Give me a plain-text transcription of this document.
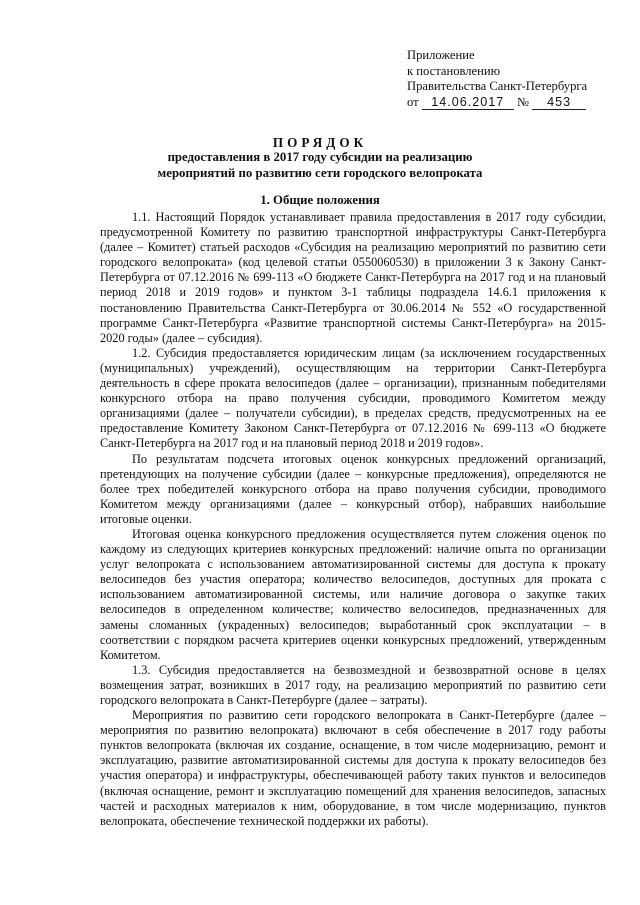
Приложение
к постановлению
Правительства Санкт-Петербурга
от 14.06.2017 № 453
ПОРЯДОК
предоставления в 2017 году субсидии на реализацию мероприятий по развитию сети городского велопроката
1. Общие положения

1.1. Настоящий Порядок устанавливает правила предоставления в 2017 году субсидии, предусмотренной Комитету по развитию транспортной инфраструктуры Санкт-Петербурга (далее – Комитет) статьей расходов «Субсидия на реализацию мероприятий по развитию сети городского велопроката» (код целевой статьи 0550060530) в приложении 3 к Закону Санкт-Петербурга от 07.12.2016 № 699-113 «О бюджете Санкт-Петербурга на 2017 год и на плановый период 2018 и 2019 годов» и пунктом 3-1 таблицы подраздела 14.6.1 приложения к постановлению Правительства Санкт-Петербурга от 30.06.2014 № 552 «О государственной программе Санкт-Петербурга «Развитие транспортной системы Санкт-Петербурга» на 2015-2020 годы» (далее – субсидия).

1.2. Субсидия предоставляется юридическим лицам (за исключением государственных (муниципальных) учреждений), осуществляющим на территории Санкт-Петербурга деятельность в сфере проката велосипедов (далее – организации), признанным победителями конкурсного отбора на право получения субсидии, проводимого Комитетом между организациями (далее – получатели субсидии), в пределах средств, предусмотренных на ее предоставление Комитету Законом Санкт-Петербурга от 07.12.2016 № 699-113 «О бюджете Санкт-Петербурга на 2017 год и на плановый период 2018 и 2019 годов».

По результатам подсчета итоговых оценок конкурсных предложений организаций, претендующих на получение субсидии (далее – конкурсные предложения), определяются не более трех победителей конкурсного отбора на право получения субсидии, проводимого Комитетом между организациями (далее – конкурсный отбор), набравших наибольшие итоговые оценки.

Итоговая оценка конкурсного предложения осуществляется путем сложения оценок по каждому из следующих критериев конкурсных предложений: наличие опыта по организации услуг велопроката с использованием автоматизированной системы для доступа к прокату велосипедов без участия оператора; количество велосипедов, доступных для проката с использованием автоматизированной системы, или наличие договора о закупке таких велосипедов в определенном количестве; количество велосипедов, предназначенных для замены сломанных (украденных) велосипедов; выработанный срок эксплуатации – в соответствии с порядком расчета критериев оценки конкурсных предложений, утвержденным Комитетом.

1.3. Субсидия предоставляется на безвозмездной и безвозвратной основе в целях возмещения затрат, возникших в 2017 году, на реализацию мероприятий по развитию сети городского велопроката в Санкт-Петербурге (далее – затраты).

Мероприятия по развитию сети городского велопроката в Санкт-Петербурге (далее – мероприятия по развитию велопроката) включают в себя обеспечение в 2017 году работы пунктов велопроката (включая их создание, оснащение, в том числе модернизацию, ремонт и эксплуатацию, развитие автоматизированной системы для доступа к прокату велосипедов без участия оператора) и инфраструктуры, обеспечивающей работу таких пунктов и велосипедов (включая оснащение, ремонт и эксплуатацию помещений для хранения велосипедов, запасных частей и расходных материалов к ним, оборудование, в том числе модернизацию, пунктов велопроката, обеспечение технической поддержки их работы).
